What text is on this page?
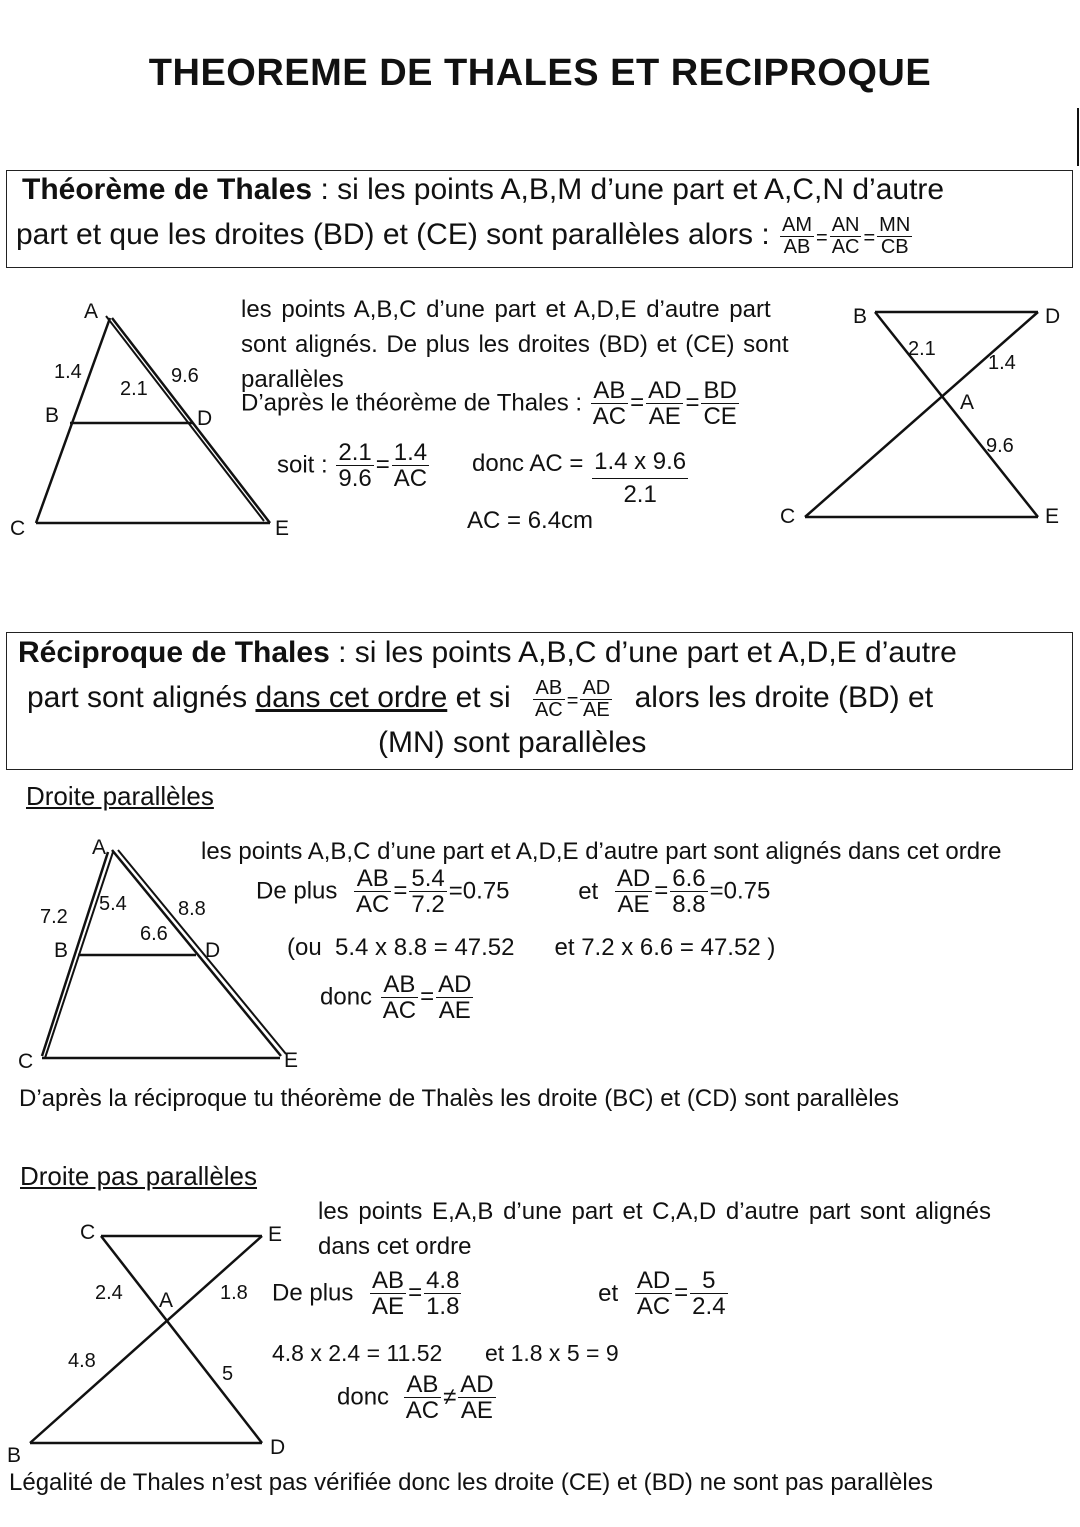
THEOREME DE THALES ET RECIPROQUE
Théorème de Thales : si les points A,B,M d’une part et A,C,N d’autre
part et que les droites (BD) et (CE) sont parallèles alors : $\frac{AM}{AB} = \frac{AN}{AC} = \frac{MN}{CB}$
A
B
C
D
E
1.4
2.1
9.6
les points A,B,C d’une part et A,D,E d’autre part
sont alignés. De plus les droites (BD) et (CE) sont
parallèles
D’après le théorème de Thales : $\frac{AB}{AC} = \frac{AD}{AE} = \frac{BD}{CE}$
soit : $\frac{2.1}{9.6} = \frac{1.4}{AC}$ donc AC = $\frac{1.4 x 9.6}{2.1}$
AC = 6.4cm
B	D
A
C	E
2.1
1.4
9.6
Réciproque de Thales : si les points A,B,C d’une part et A,D,E d’autre
part sont alignés dans cet ordre et si $\frac{AB}{AC} = \frac{AD}{AE}$ alors les droite (BD) et
(MN) sont parallèles
Droite parallèles
A
B
C
D
E
7.2
5.4
6.6
8.8
les points A,B,C d’une part et A,D,E d’autre part sont alignés dans cet ordre
De plus $\frac{AB}{AC} = \frac{5.4}{7.2} =0.75$	et $\frac{AD}{AE} = \frac{6.6}{8.8} =0.75$
(ou  5.4 x 8.8 = 47.52      et 7.2 x 6.6 = 47.52 )
donc $\frac{AB}{AC} = \frac{AD}{AE}$
D’après la réciproque tu théorème de Thalès les droite (BC) et (CD) sont parallèles
Droite pas parallèles
C	E
A
B	D
2.4	1.8
4.8
5
les points E,A,B d’une part et C,A,D d’autre part sont alignés
dans cet ordre
De plus $\frac{AB}{AE} = \frac{4.8}{1.8}$	et $\frac{AD}{AC} = \frac{5}{2.4}$
4.8 x 2.4 = 11.52 et 1.8 x 5 = 9
donc $\frac{AB}{AC} \ne \frac{AD}{AE}$
Légalité de Thales n’est pas vérifiée donc les droite (CE) et (BD) ne sont pas parallèles
